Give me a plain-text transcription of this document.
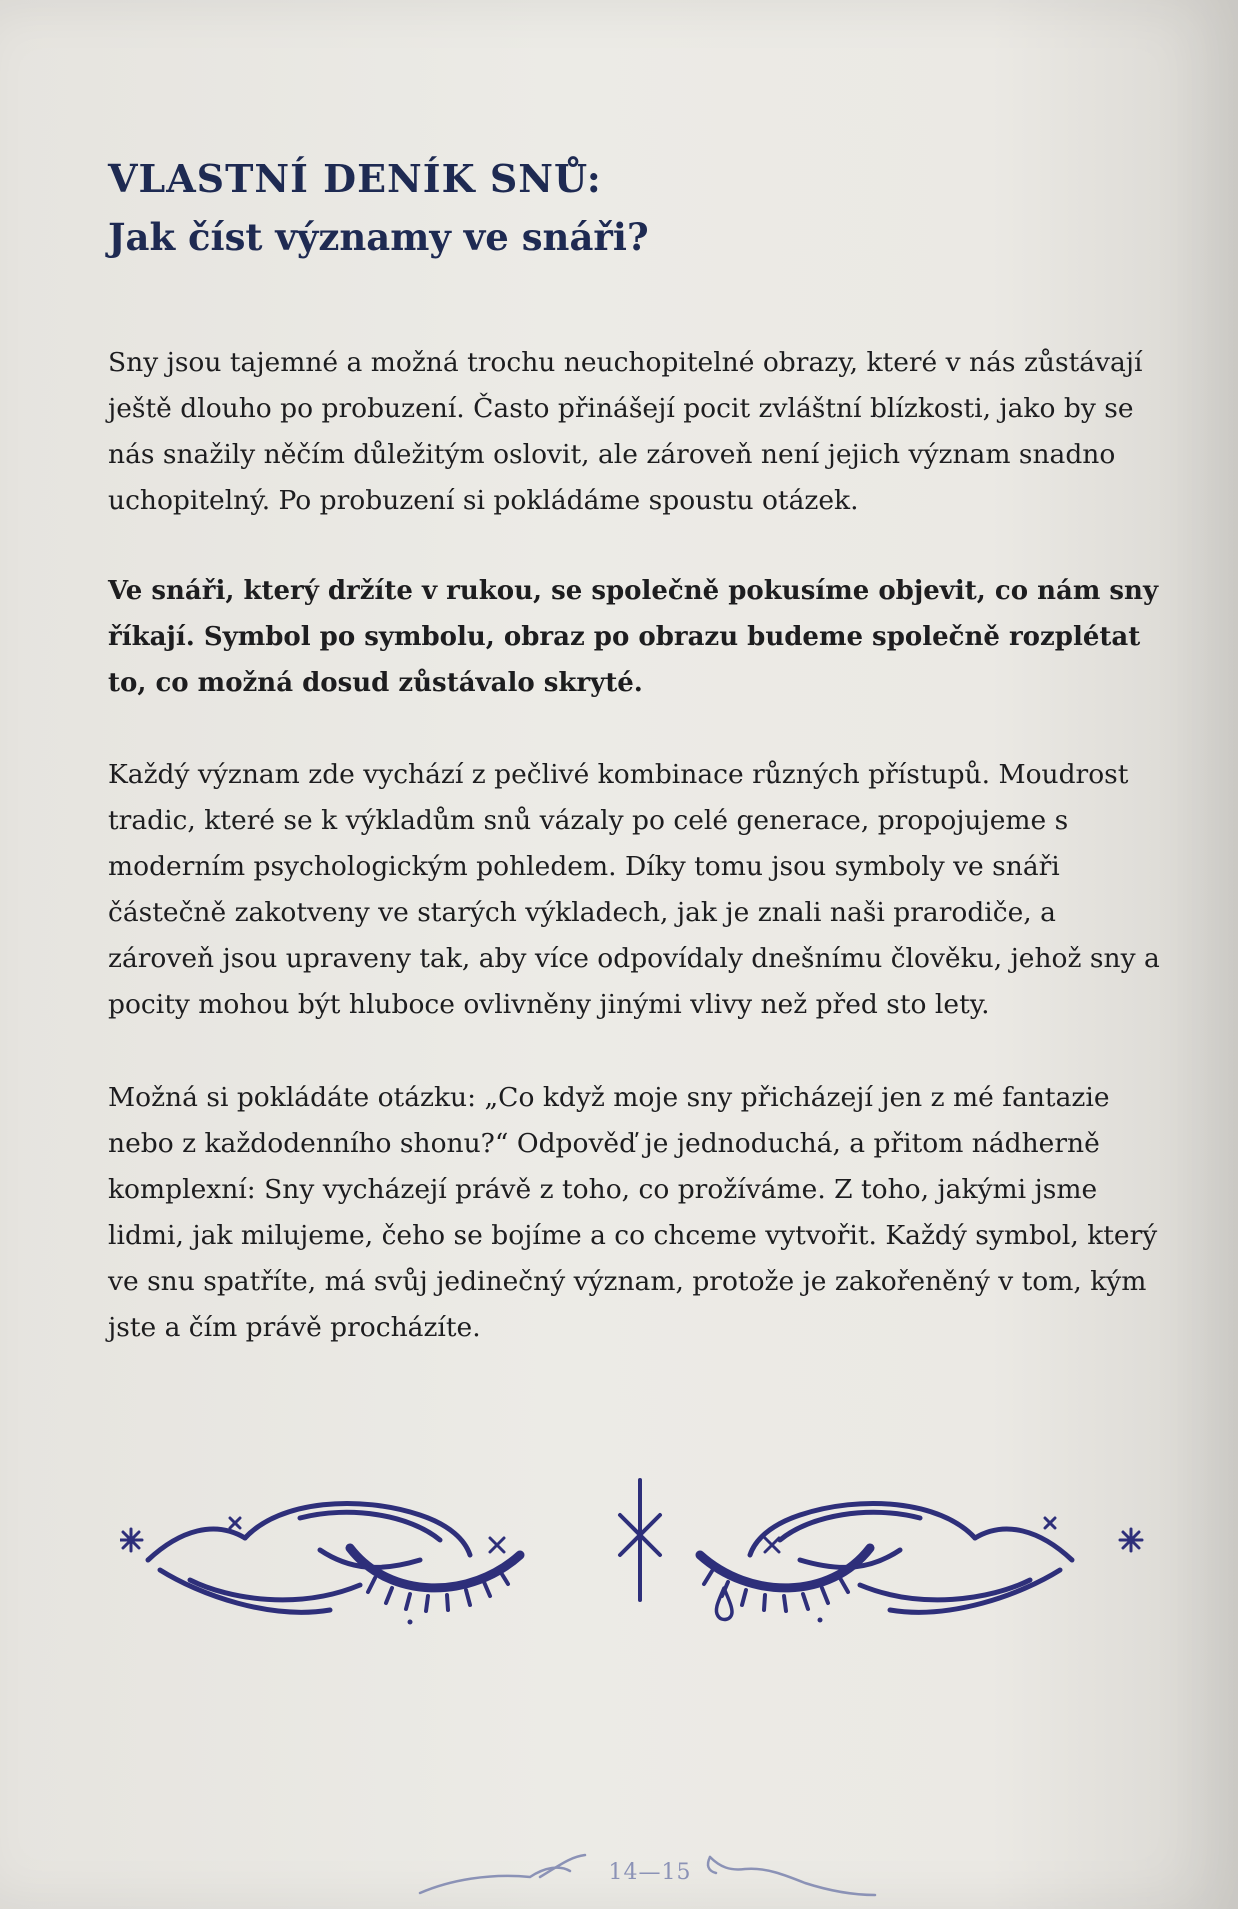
VLASTNÍ DENÍK SNŮ:
Jak číst významy ve snáři?

Sny jsou tajemné a možná trochu neuchopitelné obrazy, které v nás zůstávají ještě dlouho po probuzení. Často přinášejí pocit zvláštní blízkosti, jako by se nás snažily něčím důležitým oslovit, ale zároveň není jejich význam snadno uchopitelný. Po probuzení si pokládáme spoustu otázek.

Ve snáři, který držíte v rukou, se společně pokusíme objevit, co nám sny říkají. Symbol po symbolu, obraz po obrazu budeme společně rozplétat to, co možná dosud zůstávalo skryté.

Každý význam zde vychází z pečlivé kombinace různých přístupů. Moudrost tradic, které se k výkladům snů vázaly po celé generace, propojujeme s moderním psychologickým pohledem. Díky tomu jsou symboly ve snáři částečně zakotveny ve starých výkladech, jak je znali naši prarodiče, a zároveň jsou upraveny tak, aby více odpovídaly dnešnímu člověku, jehož sny a pocity mohou být hluboce ovlivněny jinými vlivy než před sto lety.

Možná si pokládáte otázku: „Co když moje sny přicházejí jen z mé fantazie nebo z každodenního shonu?“ Odpověď je jednoduchá, a přitom nádherně komplexní: Sny vycházejí právě z toho, co prožíváme. Z toho, jakými jsme lidmi, jak milujeme, čeho se bojíme a co chceme vytvořit. Každý symbol, který ve snu spatříte, má svůj jedinečný význam, protože je zakořeněný v tom, kým jste a čím právě procházíte.

14—15
